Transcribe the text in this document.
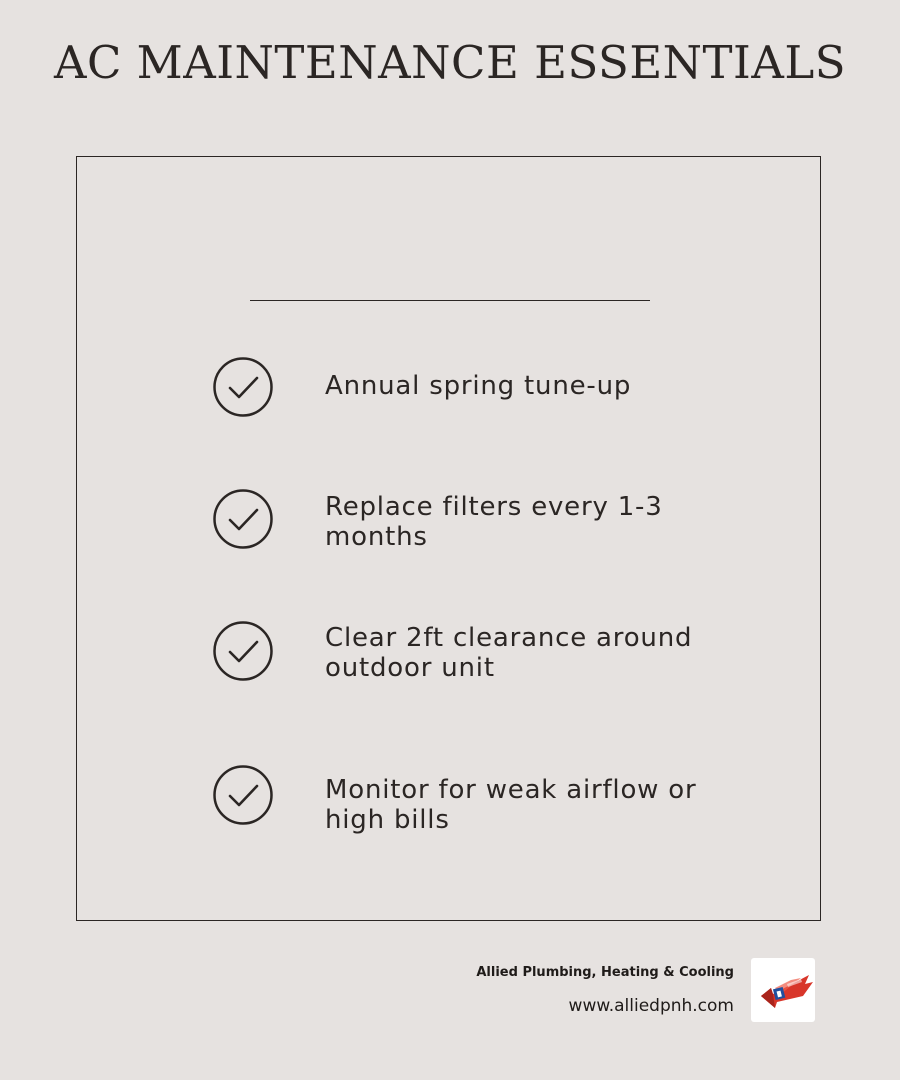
AC MAINTENANCE ESSENTIALS
Annual spring tune-up
Replace filters every 1-3 months
Clear 2ft clearance around outdoor unit
Monitor for weak airflow or high bills
Allied Plumbing, Heating & Cooling
www.alliedpnh.com
